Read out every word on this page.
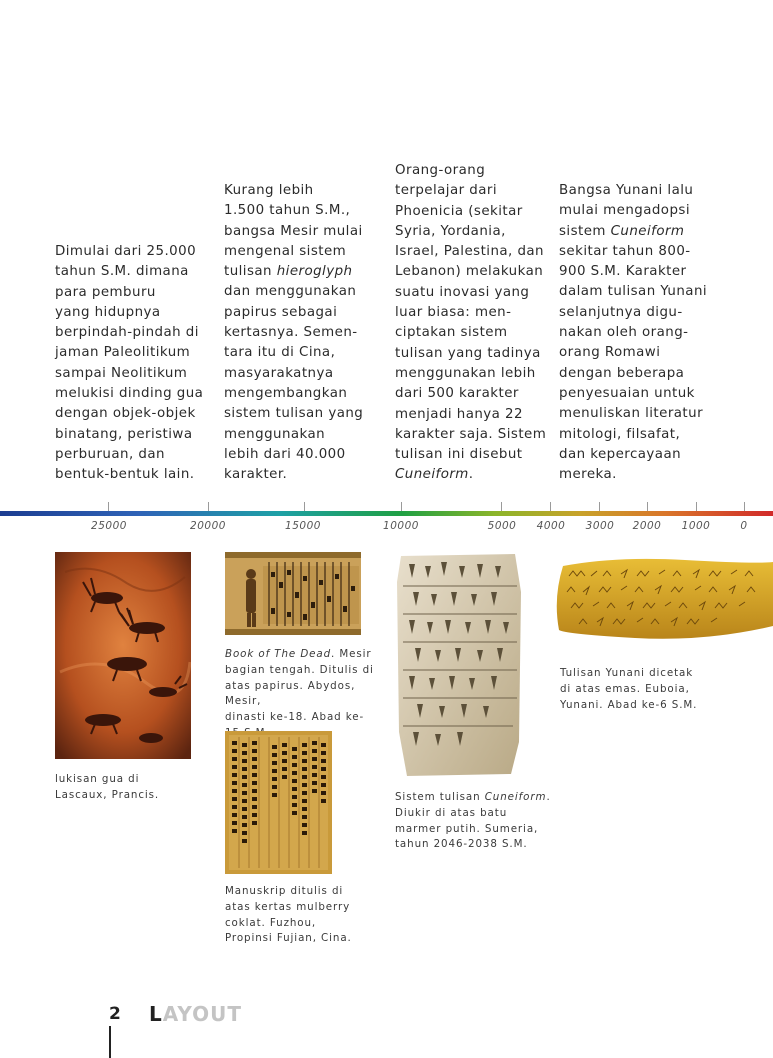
Dimulai dari 25.000
tahun S.M. dimana
para pemburu
yang hidupnya
berpindah-pindah di
jaman Paleolitikum
sampai Neolitikum
melukisi dinding gua
dengan objek-objek
binatang, peristiwa
perburuan, dan
bentuk-bentuk lain.
Kurang lebih
1.500 tahun S.M.,
bangsa Mesir mulai
mengenal sistem
tulisan hieroglyph
dan menggunakan
papirus sebagai
kertasnya. Semen-
tara itu di Cina,
masyarakatnya
mengembangkan
sistem tulisan yang
menggunakan
lebih dari 40.000
karakter.
Orang-orang
terpelajar dari
Phoenicia (sekitar
Syria, Yordania,
Israel, Palestina, dan
Lebanon) melakukan
suatu inovasi yang
luar biasa: men-
ciptakan sistem
tulisan yang tadinya
menggunakan lebih
dari 500 karakter
menjadi hanya 22
karakter saja. Sistem
tulisan ini disebut
Cuneiform.
Bangsa Yunani lalu
mulai mengadopsi
sistem Cuneiform
sekitar tahun 800-
900 S.M. Karakter
dalam tulisan Yunani
selanjutnya digu-
nakan oleh orang-
orang Romawi
dengan beberapa
penyesuaian untuk
menuliskan literatur
mitologi, filsafat,
dan kepercayaan
mereka.
25000	20000	15000	10000	5000 4000 3000 2000 1000	0
lukisan gua di
Lascaux, Prancis.
Book of The Dead. Mesir
bagian tengah. Ditulis di
atas papirus. Abydos, Mesir,
dinasti ke-18. Abad ke-

Manuskrip ditulis di
atas kertas mulberry
coklat. Fuzhou,
Propinsi Fujian, Cina.
Sistem tulisan Cuneiform.
Diukir di atas batu
marmer putih. Sumeria,
tahun 2046-2038 S.M.
Tulisan Yunani dicetak
di atas emas. Euboia,
Yunani. Abad ke-6 S.M.
2 LAYOUT
